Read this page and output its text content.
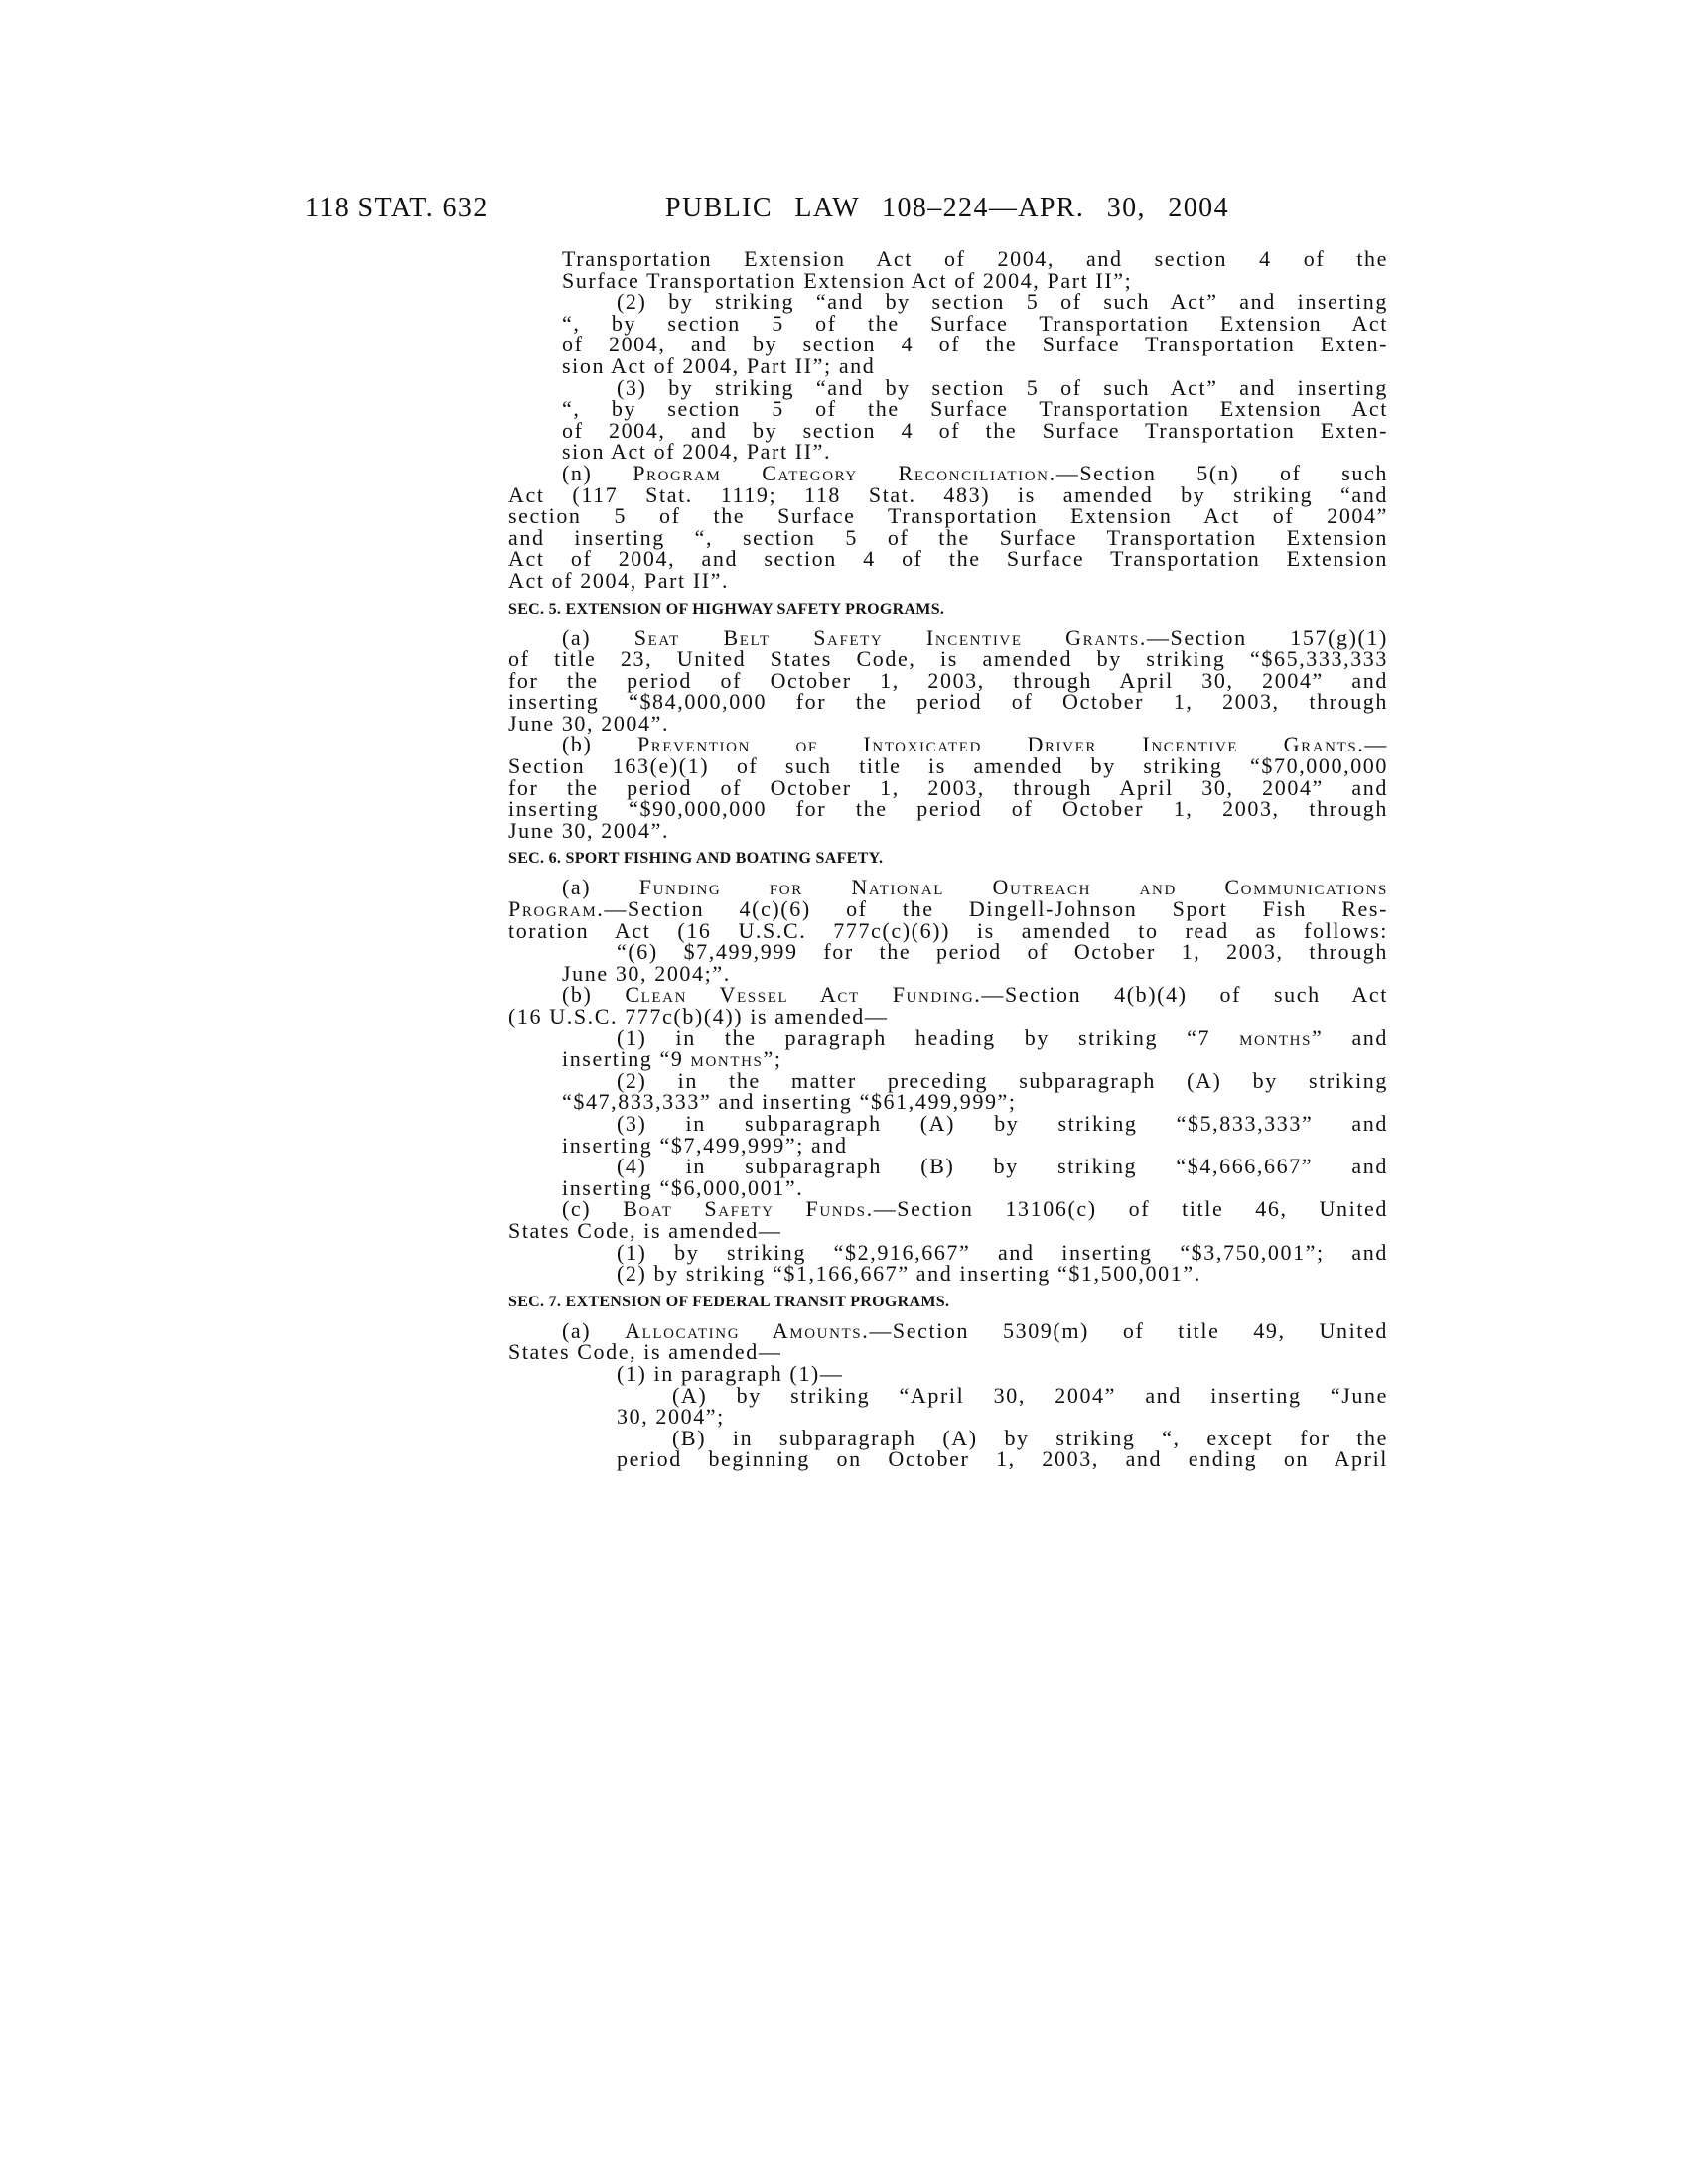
118 STAT. 632	PUBLIC LAW 108–224—APR. 30, 2004
Transportation Extension Act of 2004, and section 4 of the
Surface Transportation Extension Act of 2004, Part II”;
(2) by striking “and by section 5 of such Act” and inserting
“, by section 5 of the Surface Transportation Extension Act
of 2004, and by section 4 of the Surface Transportation Exten-
sion Act of 2004, Part II”; and
(3) by striking “and by section 5 of such Act” and inserting
“, by section 5 of the Surface Transportation Extension Act
of 2004, and by section 4 of the Surface Transportation Exten-
sion Act of 2004, Part II”.
(n) Program Category Reconciliation.—Section 5(n) of such
Act (117 Stat. 1119; 118 Stat. 483) is amended by striking “and
section 5 of the Surface Transportation Extension Act of 2004”
and inserting “, section 5 of the Surface Transportation Extension
Act of 2004, and section 4 of the Surface Transportation Extension
Act of 2004, Part II”.
SEC. 5. EXTENSION OF HIGHWAY SAFETY PROGRAMS.
(a) Seat Belt Safety Incentive Grants.—Section 157(g)(1)
of title 23, United States Code, is amended by striking “$65,333,333
for the period of October 1, 2003, through April 30, 2004” and
inserting “$84,000,000 for the period of October 1, 2003, through
June 30, 2004”.
(b) Prevention of Intoxicated Driver Incentive Grants.—
Section 163(e)(1) of such title is amended by striking “$70,000,000
for the period of October 1, 2003, through April 30, 2004” and
inserting “$90,000,000 for the period of October 1, 2003, through
June 30, 2004”.
SEC. 6. SPORT FISHING AND BOATING SAFETY.
(a) Funding for National Outreach and Communications
Program.—Section 4(c)(6) of the Dingell-Johnson Sport Fish Res-
toration Act (16 U.S.C. 777c(c)(6)) is amended to read as follows:
“(6) $7,499,999 for the period of October 1, 2003, through
June 30, 2004;”.
(b) Clean Vessel Act Funding.—Section 4(b)(4) of such Act
(16 U.S.C. 777c(b)(4)) is amended—
(1) in the paragraph heading by striking “7 months” and
inserting “9 months”;
(2) in the matter preceding subparagraph (A) by striking
“$47,833,333” and inserting “$61,499,999”;
(3) in subparagraph (A) by striking “$5,833,333” and
inserting “$7,499,999”; and
(4) in subparagraph (B) by striking “$4,666,667” and
inserting “$6,000,001”.
(c) Boat Safety Funds.—Section 13106(c) of title 46, United
States Code, is amended—
(1) by striking “$2,916,667” and inserting “$3,750,001”; and
(2) by striking “$1,166,667” and inserting “$1,500,001”.
SEC. 7. EXTENSION OF FEDERAL TRANSIT PROGRAMS.
(a) Allocating Amounts.—Section 5309(m) of title 49, United
States Code, is amended—
(1) in paragraph (1)—
(A) by striking “April 30, 2004” and inserting “June
30, 2004”;
(B) in subparagraph (A) by striking “, except for the
period beginning on October 1, 2003, and ending on April
